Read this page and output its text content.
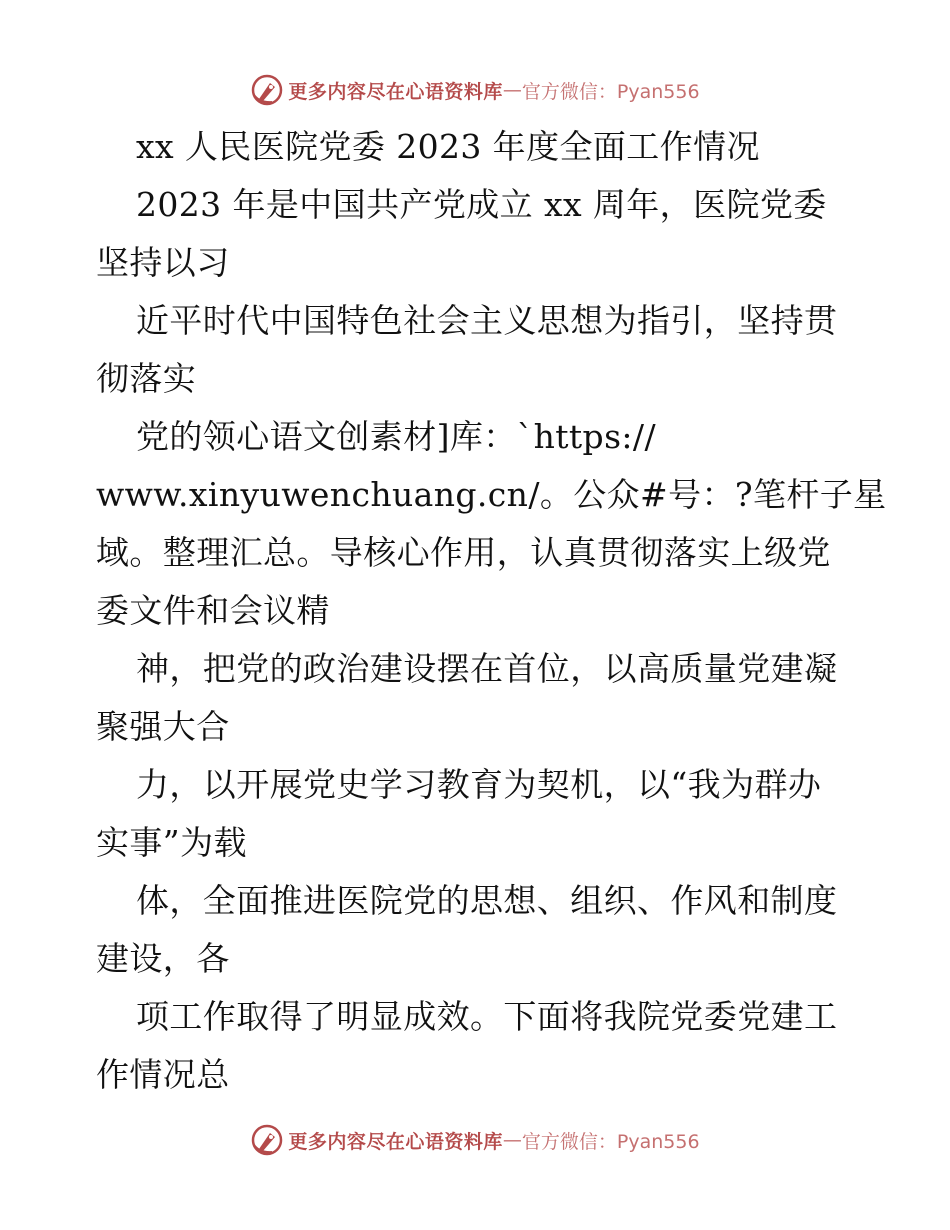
更多内容尽在心语资料库 — 官方微信：Pyan556
xx 人民医院党委 2023 年度全面工作情况
2023 年是中国共产党成立 xx 周年，医院党委
坚持以习
近平时代中国特色社会主义思想为指引，坚持贯
彻落实
党的领心语文创素材]库：`https://
www.xinyuwenchuang.cn/。公众#号：?笔杆子星
域。整理汇总。导核心作用，认真贯彻落实上级党
委文件和会议精
神，把党的政治建设摆在首位，以高质量党建凝
聚强大合
力，以开展党史学习教育为契机，以“我为群办
实事”为载
体，全面推进医院党的思想、组织、作风和制度
建设，各
项工作取得了明显成效。下面将我院党委党建工
作情况总
更多内容尽在心语资料库 — 官方微信：Pyan556
